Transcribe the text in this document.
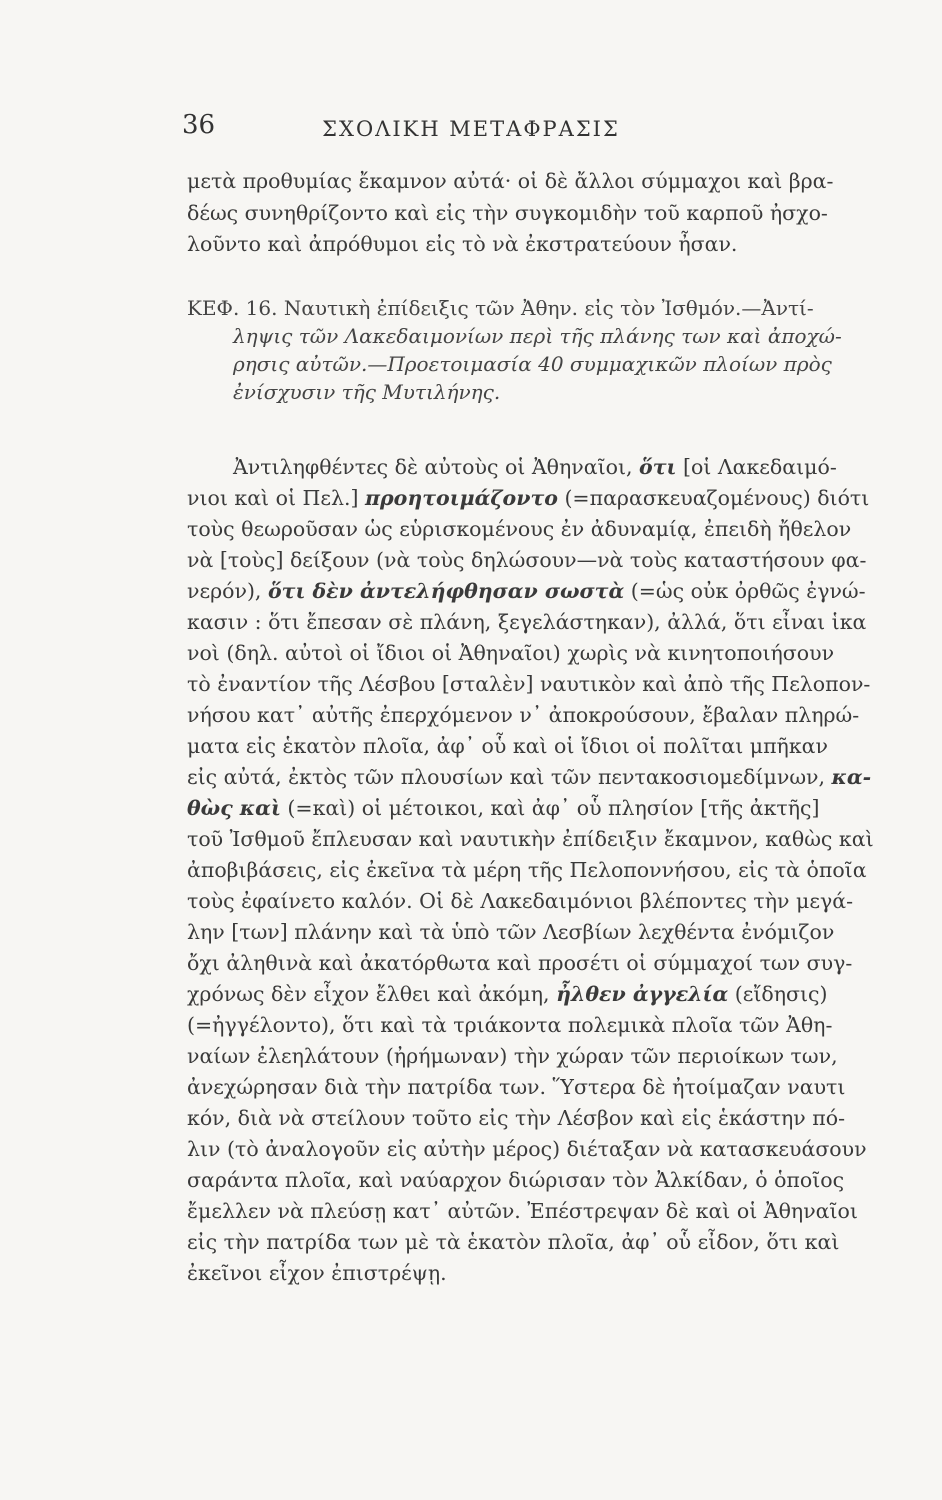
36	ΣΧΟΛΙΚΗ ΜΕΤΑΦΡΑΣΙΣ
μετὰ προθυμίας ἔκαμνον αὐτά· οἱ δὲ ἄλλοι σύμμαχοι καὶ βρα-
δέως συνηθρίζοντο καὶ εἰς τὴν συγκομιδὴν τοῦ καρποῦ ἠσχο-
λοῦντο καὶ ἀπρόθυμοι εἰς τὸ νὰ ἐκστρατεύουν ἦσαν.
ΚΕΦ. 16. Ναυτικὴ ἐπίδειξις τῶν Ἀθην. εἰς τὸν Ἰσθμόν.—Ἀντί-
ληψις τῶν Λακεδαιμονίων περὶ τῆς πλάνης των καὶ ἀποχώ-
ρησις αὐτῶν.—Προετοιμασία 40 συμμαχικῶν πλοίων πρὸς
ἐνίσχυσιν τῆς Μυτιλήνης.
Ἀντιληφθέντες δὲ αὐτοὺς οἱ Ἀθηναῖοι, ὅτι [οἱ Λακεδαιμό-
νιοι καὶ οἱ Πελ.] προητοιμάζοντο (=παρασκευαζομένους) διότι
τοὺς θεωροῦσαν ὡς εὑρισκομένους ἐν ἀδυναμίᾳ, ἐπειδὴ ἤθελον
νὰ [τοὺς] δείξουν (νὰ τοὺς δηλώσουν—νὰ τοὺς καταστήσουν φα-
νερόν), ὅτι δὲν ἀντελήφθησαν σωστὰ (=ὡς οὐκ ὀρθῶς ἐγνώ-
κασιν : ὅτι ἔπεσαν σὲ πλάνη, ξεγελάστηκαν), ἀλλά, ὅτι εἶναι ἱκα
νοὶ (δηλ. αὐτοὶ οἱ ἴδιοι οἱ Ἀθηναῖοι) χωρὶς νὰ κινητοποιήσουν
τὸ ἐναντίον τῆς Λέσβου [σταλὲν] ναυτικὸν καὶ ἀπὸ τῆς Πελοπον-
νήσου κατ᾽ αὐτῆς ἐπερχόμενον ν᾽ ἀποκρούσουν, ἔβαλαν πληρώ-
ματα εἰς ἑκατὸν πλοῖα, ἀφ᾽ οὗ καὶ οἱ ἴδιοι οἱ πολῖται μπῆκαν
εἰς αὐτά, ἐκτὸς τῶν πλουσίων καὶ τῶν πεντακοσιομεδίμνων, κα-
θὼς καὶ (=καὶ) οἱ μέτοικοι, καὶ ἀφ᾽ οὗ πλησίον [τῆς ἀκτῆς]
τοῦ Ἰσθμοῦ ἔπλευσαν καὶ ναυτικὴν ἐπίδειξιν ἔκαμνον, καθὼς καὶ
ἀποβιβάσεις, εἰς ἐκεῖνα τὰ μέρη τῆς Πελοποννήσου, εἰς τὰ ὁποῖα
τοὺς ἐφαίνετο καλόν. Οἱ δὲ Λακεδαιμόνιοι βλέποντες τὴν μεγά-
λην [των] πλάνην καὶ τὰ ὑπὸ τῶν Λεσβίων λεχθέντα ἐνόμιζον
ὄχι ἀληθινὰ καὶ ἀκατόρθωτα καὶ προσέτι οἱ σύμμαχοί των συγ-
χρόνως δὲν εἶχον ἔλθει καὶ ἀκόμη, ἦλθεν ἀγγελία (εἴδησις)
(=ἠγγέλοντο), ὅτι καὶ τὰ τριάκοντα πολεμικὰ πλοῖα τῶν Ἀθη-
ναίων ἐλεηλάτουν (ἠρήμωναν) τὴν χώραν τῶν περιοίκων των,
ἀνεχώρησαν διὰ τὴν πατρίδα των. Ὕστερα δὲ ἠτοίμαζαν ναυτι
κόν, διὰ νὰ στείλουν τοῦτο εἰς τὴν Λέσβον καὶ εἰς ἑκάστην πό-
λιν (τὸ ἀναλογοῦν εἰς αὐτὴν μέρος) διέταξαν νὰ κατασκευάσουν
σαράντα πλοῖα, καὶ ναύαρχον διώρισαν τὸν Ἀλκίδαν, ὁ ὁποῖος
ἔμελλεν νὰ πλεύσῃ κατ᾽ αὐτῶν. Ἐπέστρεψαν δὲ καὶ οἱ Ἀθηναῖοι
εἰς τὴν πατρίδα των μὲ τὰ ἑκατὸν πλοῖα, ἀφ᾽ οὗ εἶδον, ὅτι καὶ
ἐκεῖνοι εἶχον ἐπιστρέψῃ.
